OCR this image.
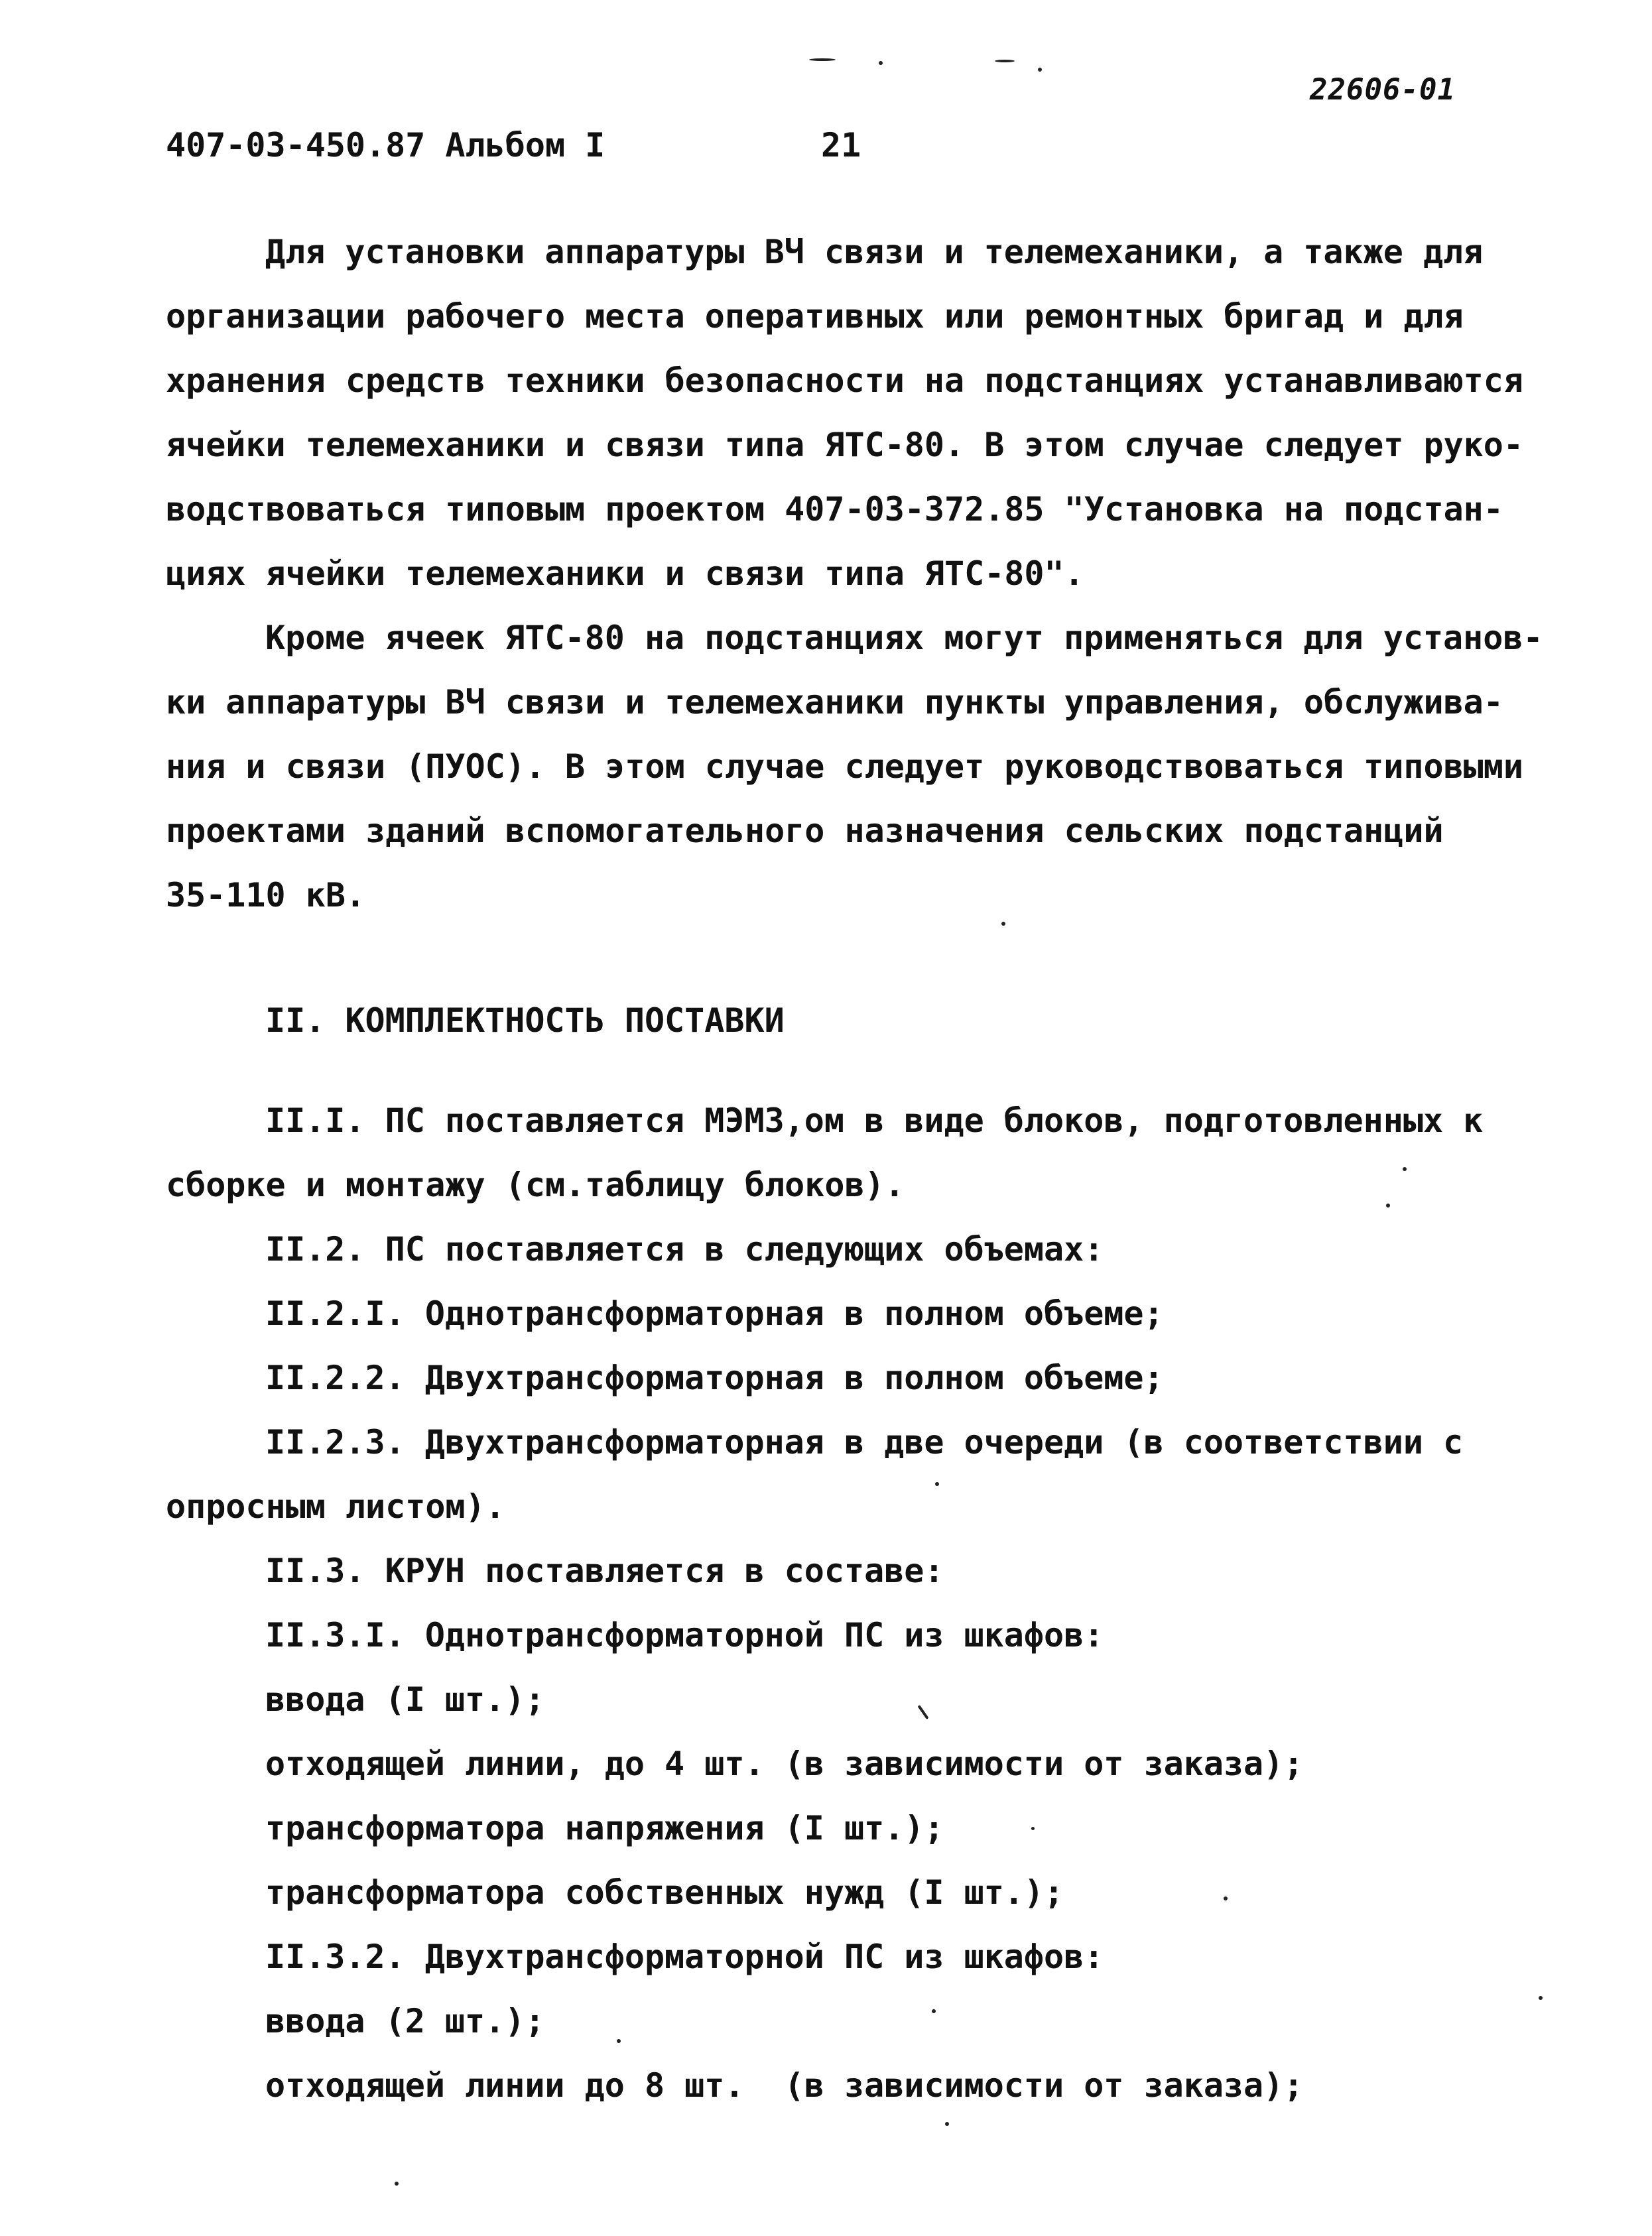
22606-01
407-03-450.87 Альбом I	21
Для установки аппаратуры ВЧ связи и телемеханики, а также для
организации рабочего места оперативных или ремонтных бригад и для
хранения средств техники безопасности на подстанциях устанавливаются
ячейки телемеханики и связи типа ЯТС-80. В этом случае следует руко-
водствоваться типовым проектом 407-03-372.85 "Установка на подстан-
циях ячейки телемеханики и связи типа ЯТС-80".
Кроме ячеек ЯТС-80 на подстанциях могут применяться для установ-
ки аппаратуры ВЧ связи и телемеханики пункты управления, обслужива-
ния и связи (ПУОС). В этом случае следует руководствоваться типовыми
проектами зданий вспомогательного назначения сельских подстанций
35-110 кВ.
II. КОМПЛЕКТНОСТЬ ПОСТАВКИ
II.I. ПС поставляется МЭМЗ,ом в виде блоков, подготовленных к
сборке и монтажу (см.таблицу блоков).
II.2. ПС поставляется в следующих объемах:
II.2.I. Однотрансформаторная в полном объеме;
II.2.2. Двухтрансформаторная в полном объеме;
II.2.3. Двухтрансформаторная в две очереди (в соответствии с
опросным листом).
II.3. КРУН поставляется в составе:
II.3.I. Однотрансформаторной ПС из шкафов:
ввода (I шт.);
отходящей линии, до 4 шт. (в зависимости от заказа);
трансформатора напряжения (I шт.);
трансформатора собственных нужд (I шт.);
II.3.2. Двухтрансформаторной ПС из шкафов:
ввода (2 шт.);
отходящей линии до 8 шт.  (в зависимости от заказа);
